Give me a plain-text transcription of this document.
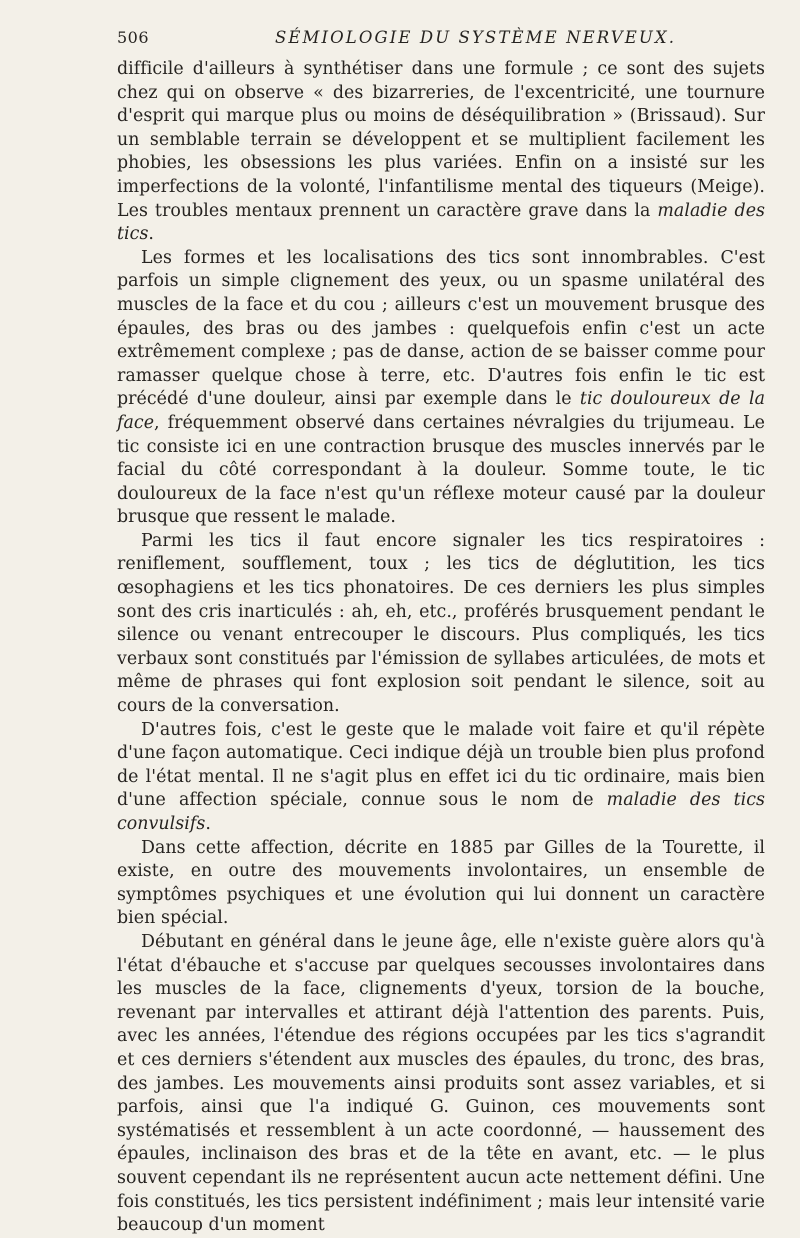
506	SÉMIOLOGIE DU SYSTÈME NERVEUX.

difficile d'ailleurs à synthétiser dans une formule ; ce sont des sujets chez qui on observe « des bizarreries, de l'excentricité, une tournure d'esprit qui marque plus ou moins de déséquilibration » (Brissaud). Sur un semblable terrain se développent et se multiplient facilement les phobies, les obsessions les plus variées. Enfin on a insisté sur les imperfections de la volonté, l'infantilisme mental des tiqueurs (Meige). Les troubles mentaux prennent un caractère grave dans la maladie des tics.

Les formes et les localisations des tics sont innombrables. C'est parfois un simple clignement des yeux, ou un spasme unilatéral des muscles de la face et du cou ; ailleurs c'est un mouvement brusque des épaules, des bras ou des jambes : quelquefois enfin c'est un acte extrêmement complexe ; pas de danse, action de se baisser comme pour ramasser quelque chose à terre, etc. D'autres fois enfin le tic est précédé d'une douleur, ainsi par exemple dans le tic douloureux de la face, fréquemment observé dans certaines névralgies du trijumeau. Le tic consiste ici en une contraction brusque des muscles innervés par le facial du côté correspondant à la douleur. Somme toute, le tic douloureux de la face n'est qu'un réflexe moteur causé par la douleur brusque que ressent le malade.

Parmi les tics il faut encore signaler les tics respiratoires : reniflement, soufflement, toux ; les tics de déglutition, les tics œsophagiens et les tics phonatoires. De ces derniers les plus simples sont des cris inarticulés : ah, eh, etc., proférés brusquement pendant le silence ou venant entrecouper le discours. Plus compliqués, les tics verbaux sont constitués par l'émission de syllabes articulées, de mots et même de phrases qui font explosion soit pendant le silence, soit au cours de la conversation.

D'autres fois, c'est le geste que le malade voit faire et qu'il répète d'une façon automatique. Ceci indique déjà un trouble bien plus profond de l'état mental. Il ne s'agit plus en effet ici du tic ordinaire, mais bien d'une affection spéciale, connue sous le nom de maladie des tics convulsifs.

Dans cette affection, décrite en 1885 par Gilles de la Tourette, il existe, en outre des mouvements involontaires, un ensemble de symptômes psychiques et une évolution qui lui donnent un caractère bien spécial.

Débutant en général dans le jeune âge, elle n'existe guère alors qu'à l'état d'ébauche et s'accuse par quelques secousses involontaires dans les muscles de la face, clignements d'yeux, torsion de la bouche, revenant par intervalles et attirant déjà l'attention des parents. Puis, avec les années, l'étendue des régions occupées par les tics s'agrandit et ces derniers s'étendent aux muscles des épaules, du tronc, des bras, des jambes. Les mouvements ainsi produits sont assez variables, et si parfois, ainsi que l'a indiqué G. Guinon, ces mouvements sont systématisés et ressemblent à un acte coordonné, — haussement des épaules, inclinaison des bras et de la tête en avant, etc. — le plus souvent cependant ils ne représentent aucun acte nettement défini. Une fois constitués, les tics persistent indéfiniment ; mais leur intensité varie beaucoup d'un moment
